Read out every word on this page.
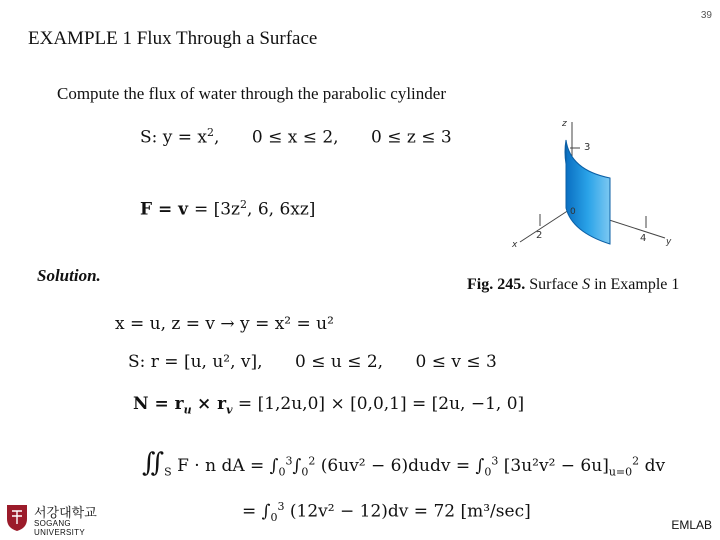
39
EXAMPLE 1 Flux Through a Surface
Compute the flux of water through the parabolic cylinder
S: $y = x^2$,      0 ≤ x ≤ 2,      0 ≤ z ≤ 3
$F = v = [3z^2$, 6, 6xz]
z
3
0
2	4
x	y
Solution.	Fig. 245. Surface S in Example 1
x = u, z = v → y = x² = u²
S: r = [u, u², v],      0 ≤ u ≤ 2,      0 ≤ v ≤ 3
$N = r_u \times r_v = [1,2u,0] \times [0,0,1] = [2u$, −1, 0]
$∬_S$ F · n dA = $\int_0^3\int_0^2$ (6uv² − 6)dudv = $\int_0^3$ $[3u^2v^2 - 6u]_{u=0}^2$ dv
= $\int_0^3$ (12v² − 12)dv = 72 [m³/sec]
서강대학교
SOGANG UNIVERSITY
EMLAB
